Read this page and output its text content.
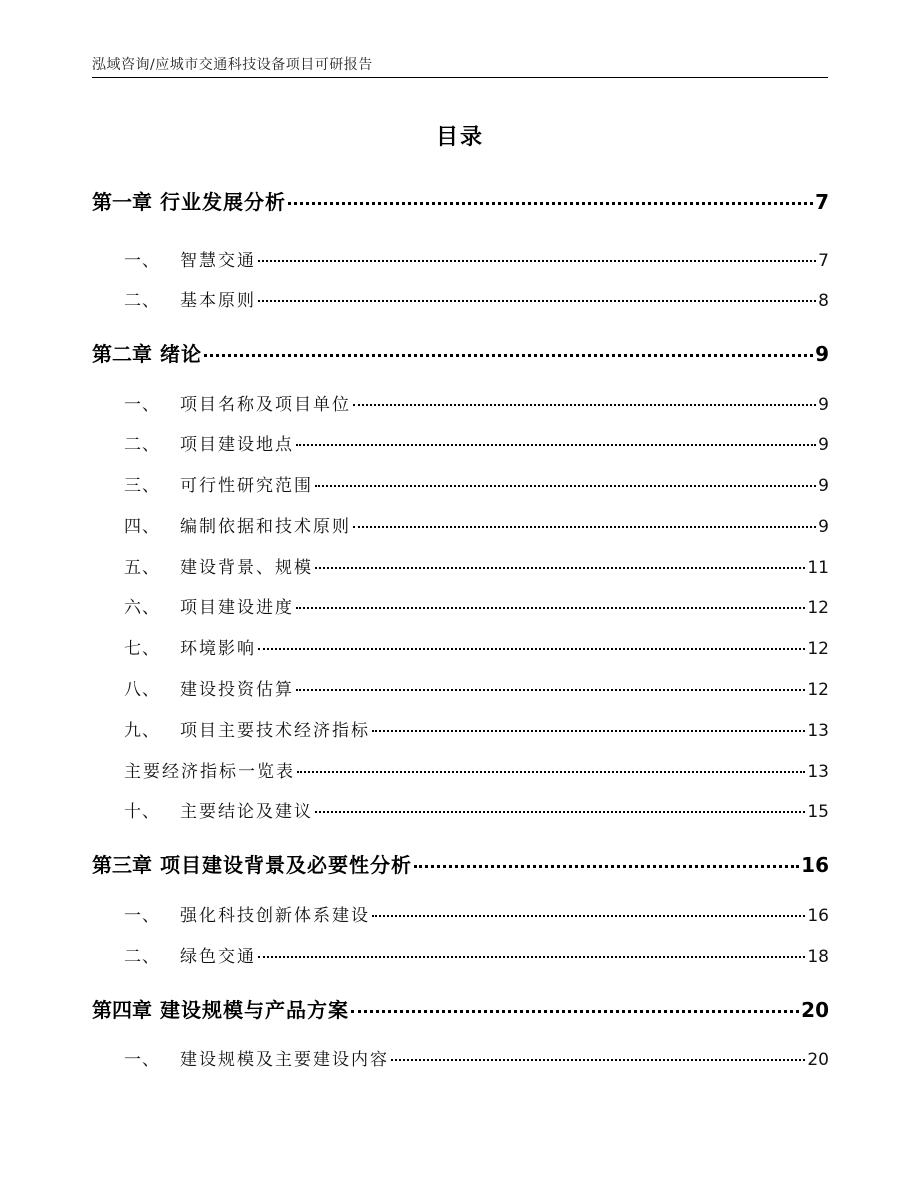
泓域咨询/应城市交通科技设备项目可研报告
目录
第一章 行业发展分析	7
一、	智慧交通	7
二、	基本原则	8
第二章 绪论	9
一、	项目名称及项目单位	9
二、	项目建设地点	9
三、	可行性研究范围	9
四、	编制依据和技术原则	9
五、	建设背景、规模	11
六、	项目建设进度	12
七、	环境影响	12
八、	建设投资估算	12
九、	项目主要技术经济指标	13
主要经济指标一览表	13
十、	主要结论及建议	15
第三章 项目建设背景及必要性分析	16
一、	强化科技创新体系建设	16
二、	绿色交通	18
第四章 建设规模与产品方案	20
一、	建设规模及主要建设内容	20
